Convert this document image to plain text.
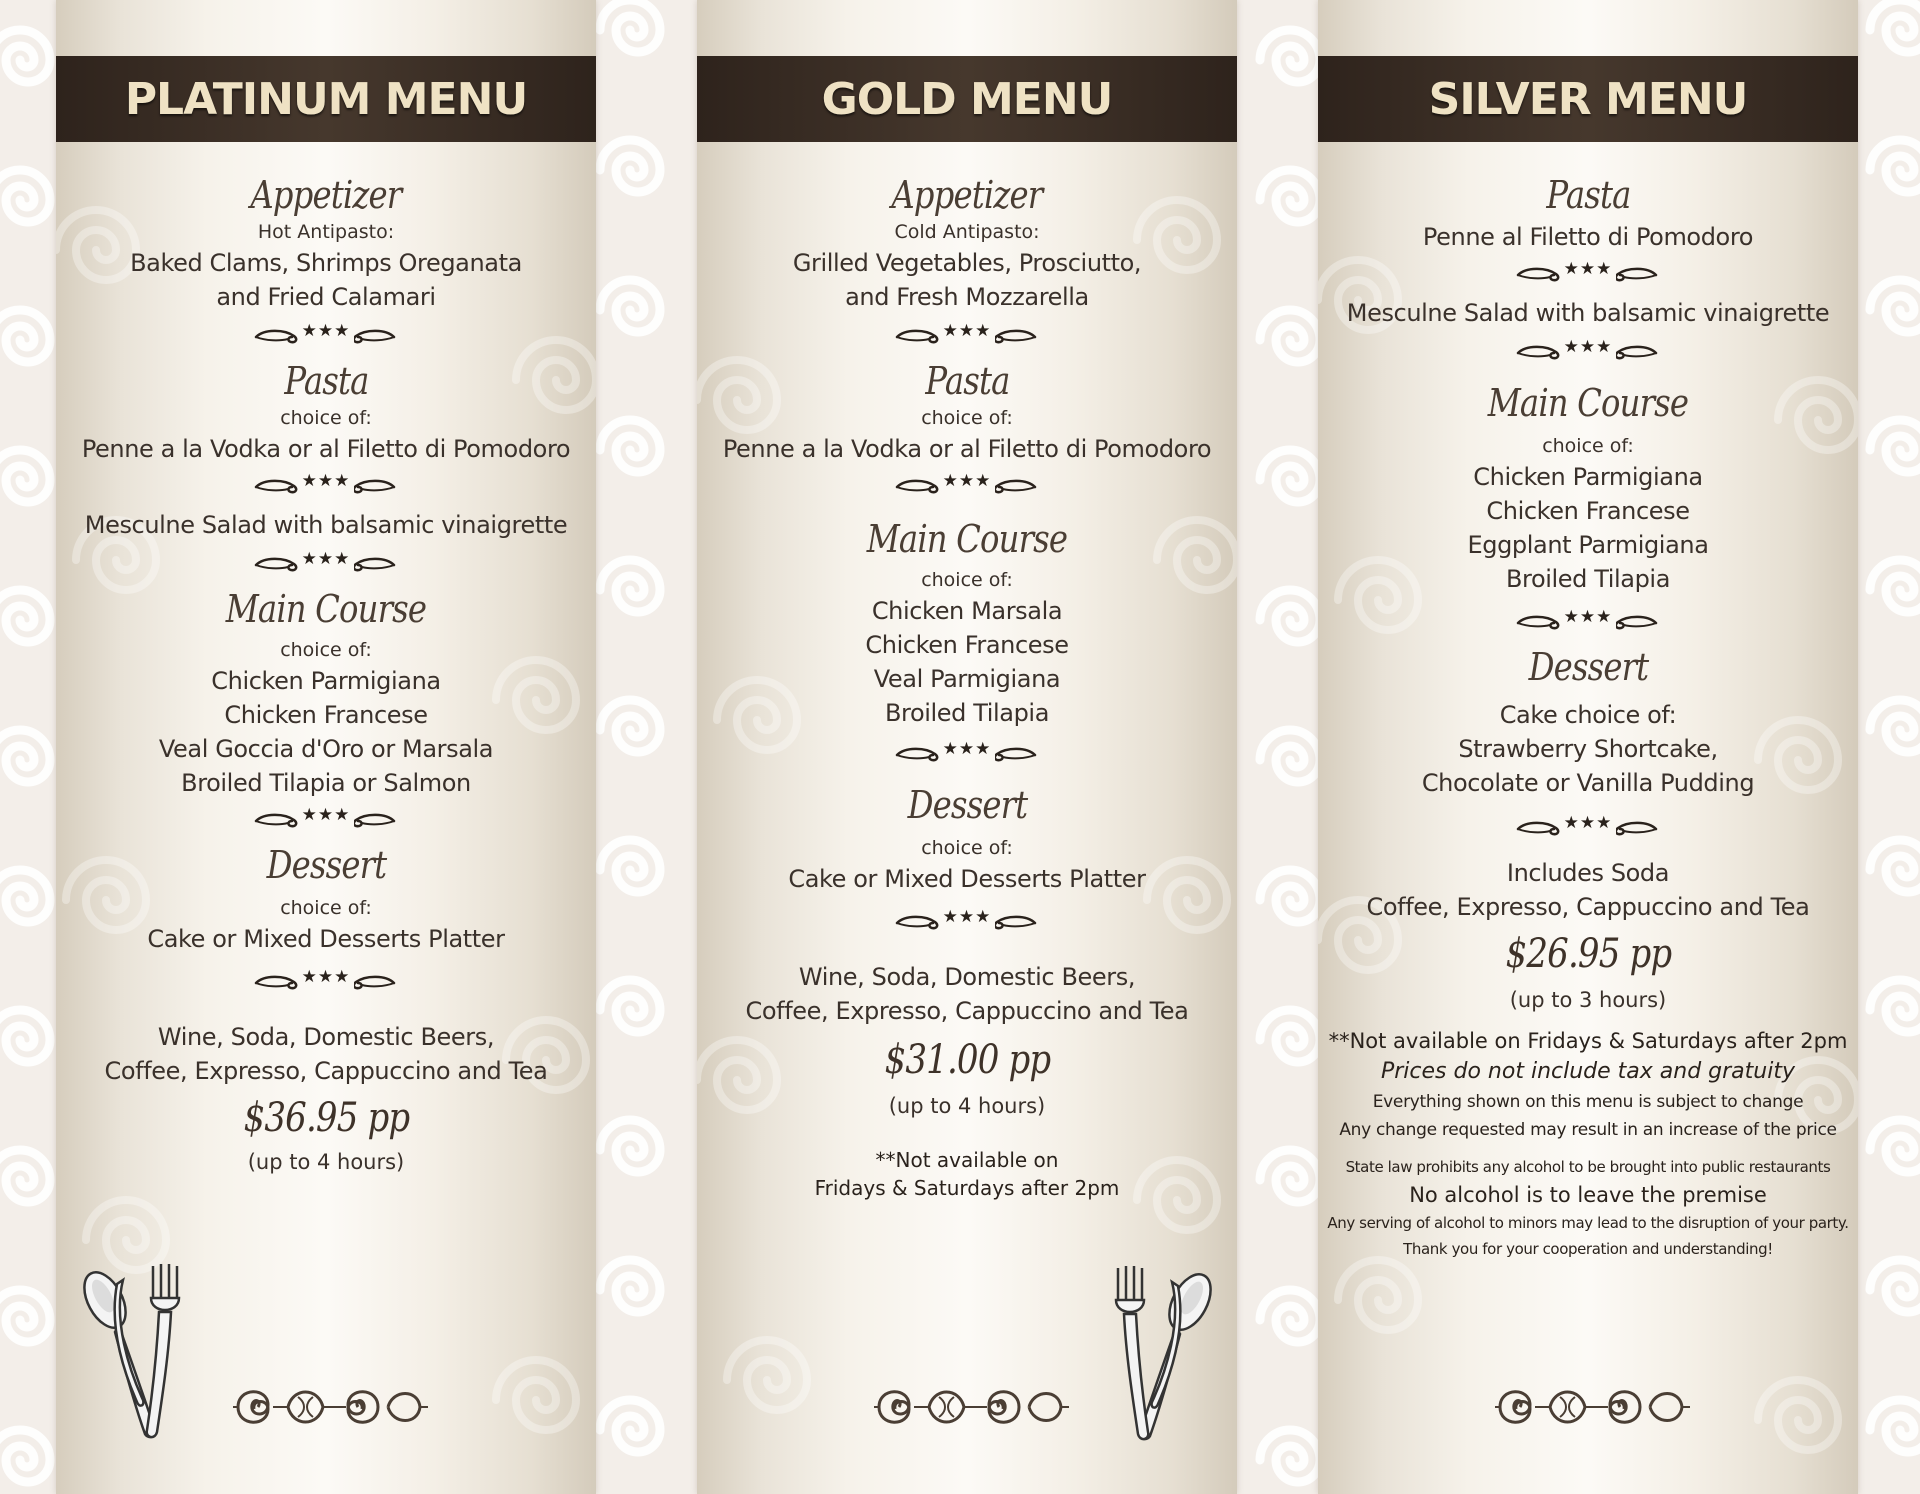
PLATINUM MENU
Appetizer
Hot Antipasto:
Baked Clams, Shrimps Oreganata
and Fried Calamari
★★★
Pasta
choice of:
Penne a la Vodka or al Filetto di Pomodoro
★★★
Mesculne Salad with balsamic vinaigrette
★★★
Main Course
choice of:
Chicken Parmigiana
Chicken Francese
Veal Goccia d'Oro or Marsala
Broiled Tilapia or Salmon
★★★
Dessert
choice of:
Cake or Mixed Desserts Platter
★★★
Wine, Soda, Domestic Beers,
Coffee, Expresso, Cappuccino and Tea
$36.95 pp
(up to 4 hours)
GOLD MENU
Appetizer
Cold Antipasto:
Grilled Vegetables, Prosciutto,
and Fresh Mozzarella
★★★
Pasta
choice of:
Penne a la Vodka or al Filetto di Pomodoro
★★★
Main Course
choice of:
Chicken Marsala
Chicken Francese
Veal Parmigiana
Broiled Tilapia
★★★
Dessert
choice of:
Cake or Mixed Desserts Platter
★★★
Wine, Soda, Domestic Beers,
Coffee, Expresso, Cappuccino and Tea
$31.00 pp
(up to 4 hours)
**Not available on
Fridays & Saturdays after 2pm
SILVER MENU
Pasta
Penne al Filetto di Pomodoro
★★★
Mesculne Salad with balsamic vinaigrette
★★★
Main Course
choice of:
Chicken Parmigiana
Chicken Francese
Eggplant Parmigiana
Broiled Tilapia
★★★
Dessert
Cake choice of:
Strawberry Shortcake,
Chocolate or Vanilla Pudding
★★★
Includes Soda
Coffee, Expresso, Cappuccino and Tea
$26.95 pp
(up to 3 hours)
**Not available on Fridays & Saturdays after 2pm
Prices do not include tax and gratuity
Everything shown on this menu is subject to change
Any change requested may result in an increase of the price
State law prohibits any alcohol to be brought into public restaurants
No alcohol is to leave the premise
Any serving of alcohol to minors may lead to the disruption of your party.
Thank you for your cooperation and understanding!
